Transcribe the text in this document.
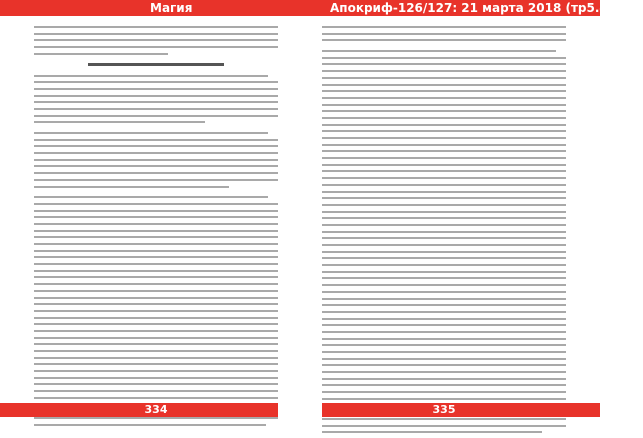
Магия	Апокриф-126/127: 21 марта 2018 (тр5.4 е.л.)
334	335
